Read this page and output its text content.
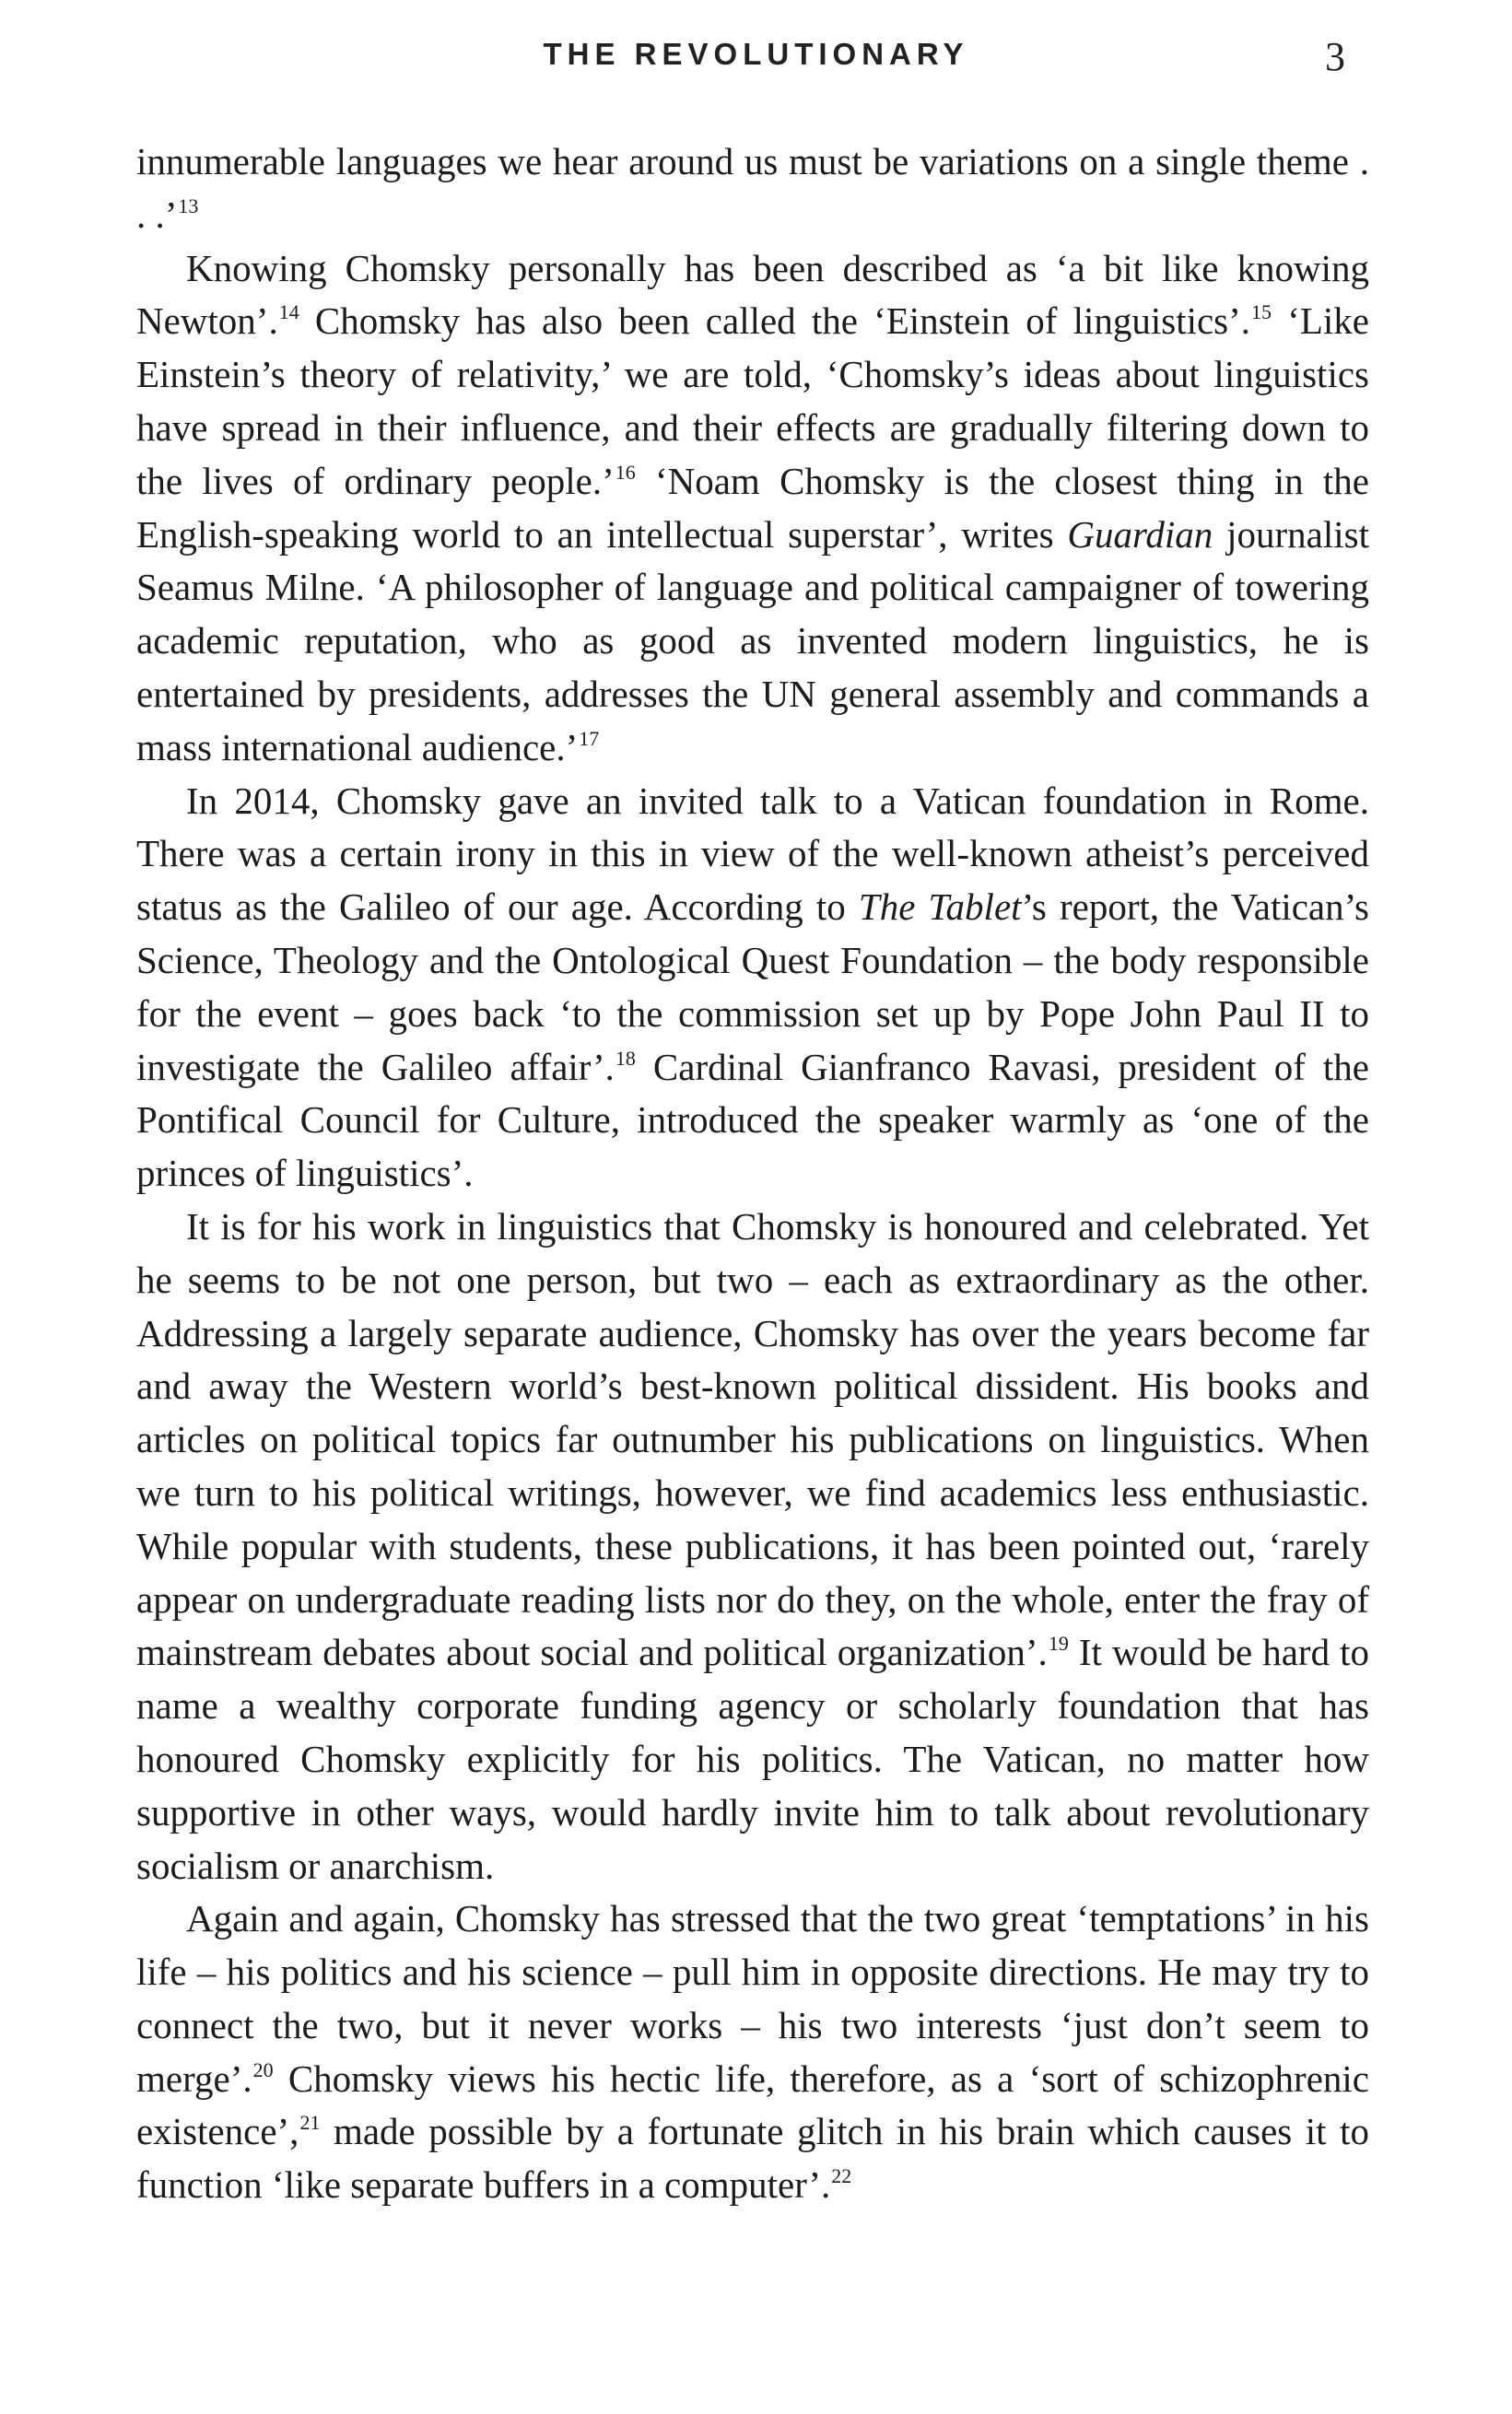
THE REVOLUTIONARY	3

innumerable languages we hear around us must be variations on a single theme . . .’$^{13}$

Knowing Chomsky personally has been described as ‘a bit like knowing Newton’.$^{14}$ Chomsky has also been called the ‘Einstein of linguistics’.$^{15}$ ‘Like Einstein’s theory of relativity,’ we are told, ‘Chomsky’s ideas about linguistics have spread in their influence, and their effects are gradually filtering down to the lives of ordinary people.’$^{16}$ ‘Noam Chomsky is the closest thing in the English-speaking world to an intellectual superstar’, writes Guardian journalist Seamus Milne. ‘A philosopher of language and political campaigner of towering academic reputation, who as good as invented modern linguistics, he is entertained by presidents, addresses the UN general assembly and commands a mass international audience.’$^{17}$

In 2014, Chomsky gave an invited talk to a Vatican foundation in Rome. There was a certain irony in this in view of the well-known atheist’s perceived status as the Galileo of our age. According to The Tablet’s report, the Vatican’s Science, Theology and the Ontological Quest Foundation – the body responsible for the event – goes back ‘to the commission set up by Pope John Paul II to investigate the Galileo affair’.$^{18}$ Cardinal Gianfranco Ravasi, president of the Pontifical Council for Culture, introduced the speaker warmly as ‘one of the princes of linguistics’.

It is for his work in linguistics that Chomsky is honoured and celebrated. Yet he seems to be not one person, but two – each as extraordinary as the other. Addressing a largely separate audience, Chomsky has over the years become far and away the Western world’s best-known political dissident. His books and articles on political topics far outnumber his publications on linguistics. When we turn to his political writings, however, we find academics less enthusiastic. While popular with students, these publications, it has been pointed out, ‘rarely appear on undergraduate reading lists nor do they, on the whole, enter the fray of mainstream debates about social and political organization’.$^{19}$ It would be hard to name a wealthy corporate funding agency or scholarly foundation that has honoured Chomsky explicitly for his politics. The Vatican, no matter how supportive in other ways, would hardly invite him to talk about revolutionary socialism or anarchism.

Again and again, Chomsky has stressed that the two great ‘temptations’ in his life – his politics and his science – pull him in opposite directions. He may try to connect the two, but it never works – his two interests ‘just don’t seem to merge’.$^{20}$ Chomsky views his hectic life, therefore, as a ‘sort of schizophrenic existence’,$^{21}$ made possible by a fortunate glitch in his brain which causes it to function ‘like separate buffers in a computer’.$^{22}$
